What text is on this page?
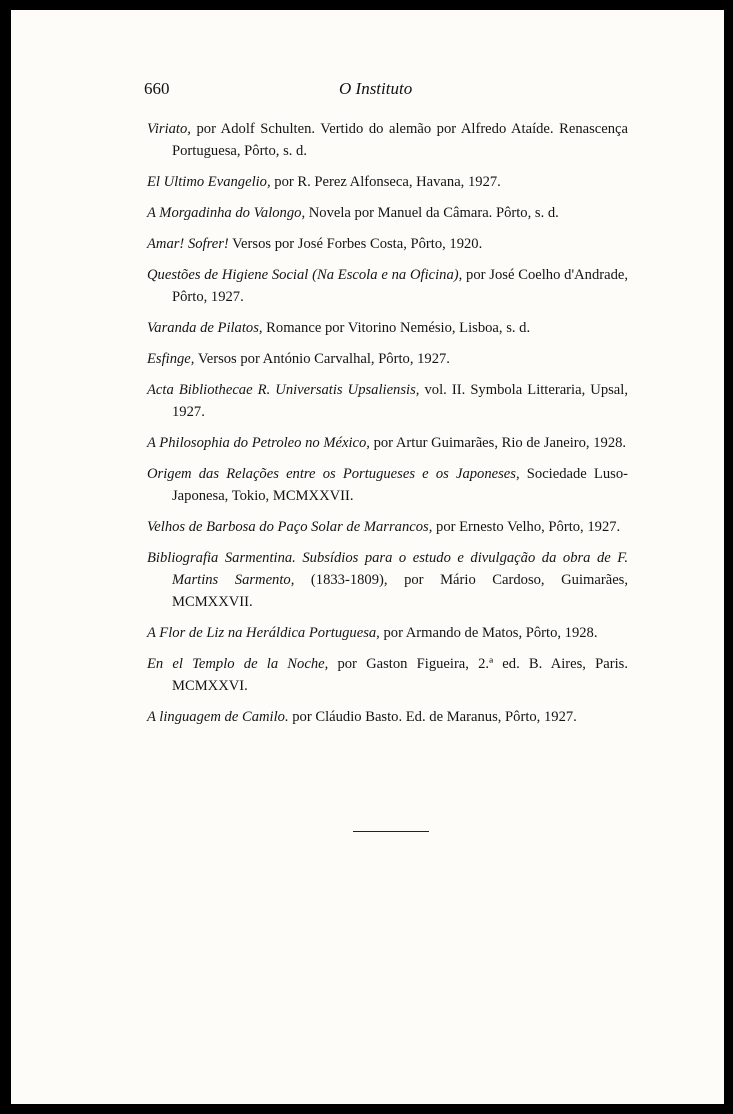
660	O Instituto

Viriato, por Adolf Schulten. Vertido do alemão por Alfredo Ataíde. Renascença Portuguesa, Pôrto, s. d.

El Ultimo Evangelio, por R. Perez Alfonseca, Havana, 1927.

A Morgadinha do Valongo, Novela por Manuel da Câmara. Pôrto, s. d.

Amar! Sofrer! Versos por José Forbes Costa, Pôrto, 1920.

Questões de Higiene Social (Na Escola e na Oficina), por José Coelho d'Andrade, Pôrto, 1927.

Varanda de Pilatos, Romance por Vitorino Nemésio, Lisboa, s. d.

Esfinge, Versos por António Carvalhal, Pôrto, 1927.

Acta Bibliothecae R. Universatis Upsaliensis, vol. II. Symbola Litteraria, Upsal, 1927.

A Philosophia do Petroleo no México, por Artur Guimarães, Rio de Janeiro, 1928.

Origem das Relações entre os Portugueses e os Japoneses, Sociedade Luso-Japonesa, Tokio, MCMXXVII.

Velhos de Barbosa do Paço Solar de Marrancos, por Ernesto Velho, Pôrto, 1927.

Bibliografia Sarmentina. Subsídios para o estudo e divulgação da obra de F. Martins Sarmento, (1833-1809), por Mário Cardoso, Guimarães, MCMXXVII.

A Flor de Liz na Heráldica Portuguesa, por Armando de Matos, Pôrto, 1928.

En el Templo de la Noche, por Gaston Figueira, 2.ª ed. B. Aires, Paris. MCMXXVI.

A linguagem de Camilo. por Cláudio Basto. Ed. de Maranus, Pôrto, 1927.
